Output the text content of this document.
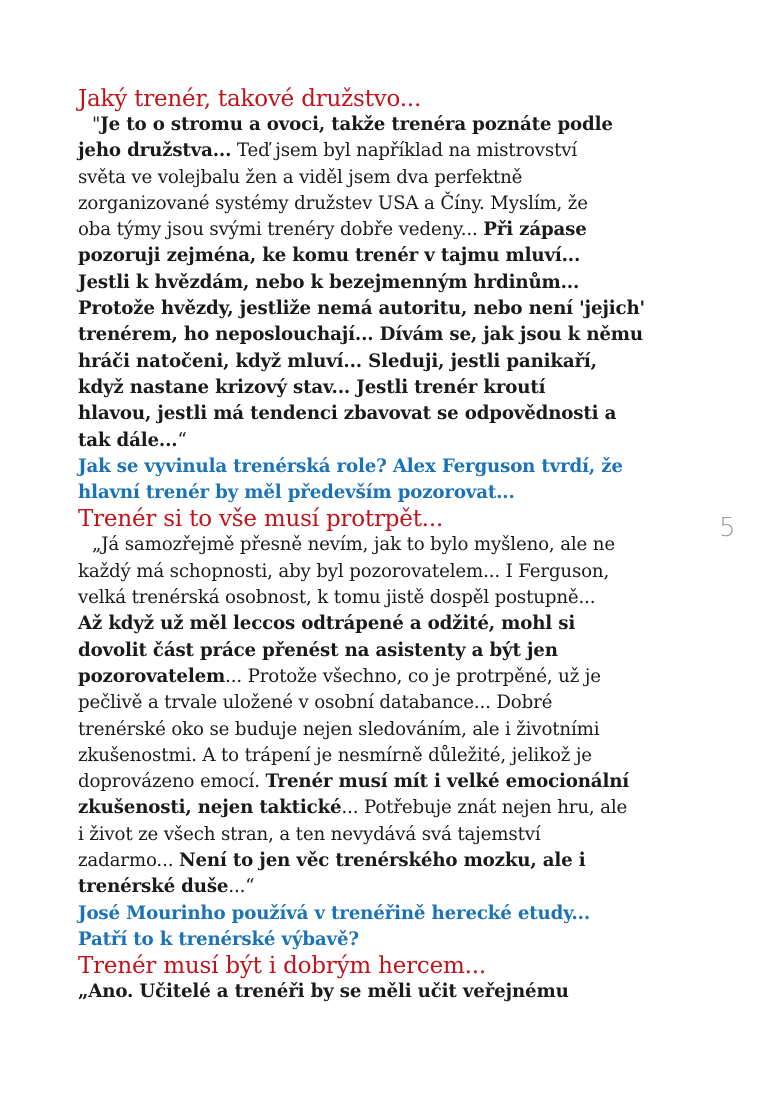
5
Jaký trenér, takové družstvo...
"Je to o stromu a ovoci, takže trenéra poznáte podle
jeho družstva... Teď jsem byl například na mistrovství
světa ve volejbalu žen a viděl jsem dva perfektně
zorganizované systémy družstev USA a Číny. Myslím, že
oba týmy jsou svými trenéry dobře vedeny... Při zápase
pozoruji zejména, ke komu trenér v tajmu mluví...
Jestli k hvězdám, nebo k bezejmenným hrdinům...
Protože hvězdy, jestliže nemá autoritu, nebo není 'jejich'
trenérem, ho neposlouchají... Dívám se, jak jsou k němu
hráči natočeni, když mluví... Sleduji, jestli panikaří,
když nastane krizový stav... Jestli trenér kroutí
hlavou, jestli má tendenci zbavovat se odpovědnosti a
tak dále...“
Jak se vyvinula trenérská role? Alex Ferguson tvrdí, že
hlavní trenér by měl především pozorovat...
Trenér si to vše musí protrpět...
„Já samozřejmě přesně nevím, jak to bylo myšleno, ale ne
každý má schopnosti, aby byl pozorovatelem... I Ferguson,
velká trenérská osobnost, k tomu jistě dospěl postupně...
Až když už měl leccos odtrápené a odžité, mohl si
dovolit část práce přenést na asistenty a být jen
pozorovatelem... Protože všechno, co je protrpěné, už je
pečlivě a trvale uložené v osobní databance... Dobré
trenérské oko se buduje nejen sledováním, ale i životními
zkušenostmi. A to trápení je nesmírně důležité, jelikož je
doprovázeno emocí. Trenér musí mít i velké emocionální
zkušenosti, nejen taktické... Potřebuje znát nejen hru, ale
i život ze všech stran, a ten nevydává svá tajemství
zadarmo... Není to jen věc trenérského mozku, ale i
trenérské duše...“
José Mourinho používá v trenéřině herecké etudy...
Patří to k trenérské výbavě?
Trenér musí být i dobrým hercem...
„Ano. Učitelé a trenéři by se měli učit veřejnému
